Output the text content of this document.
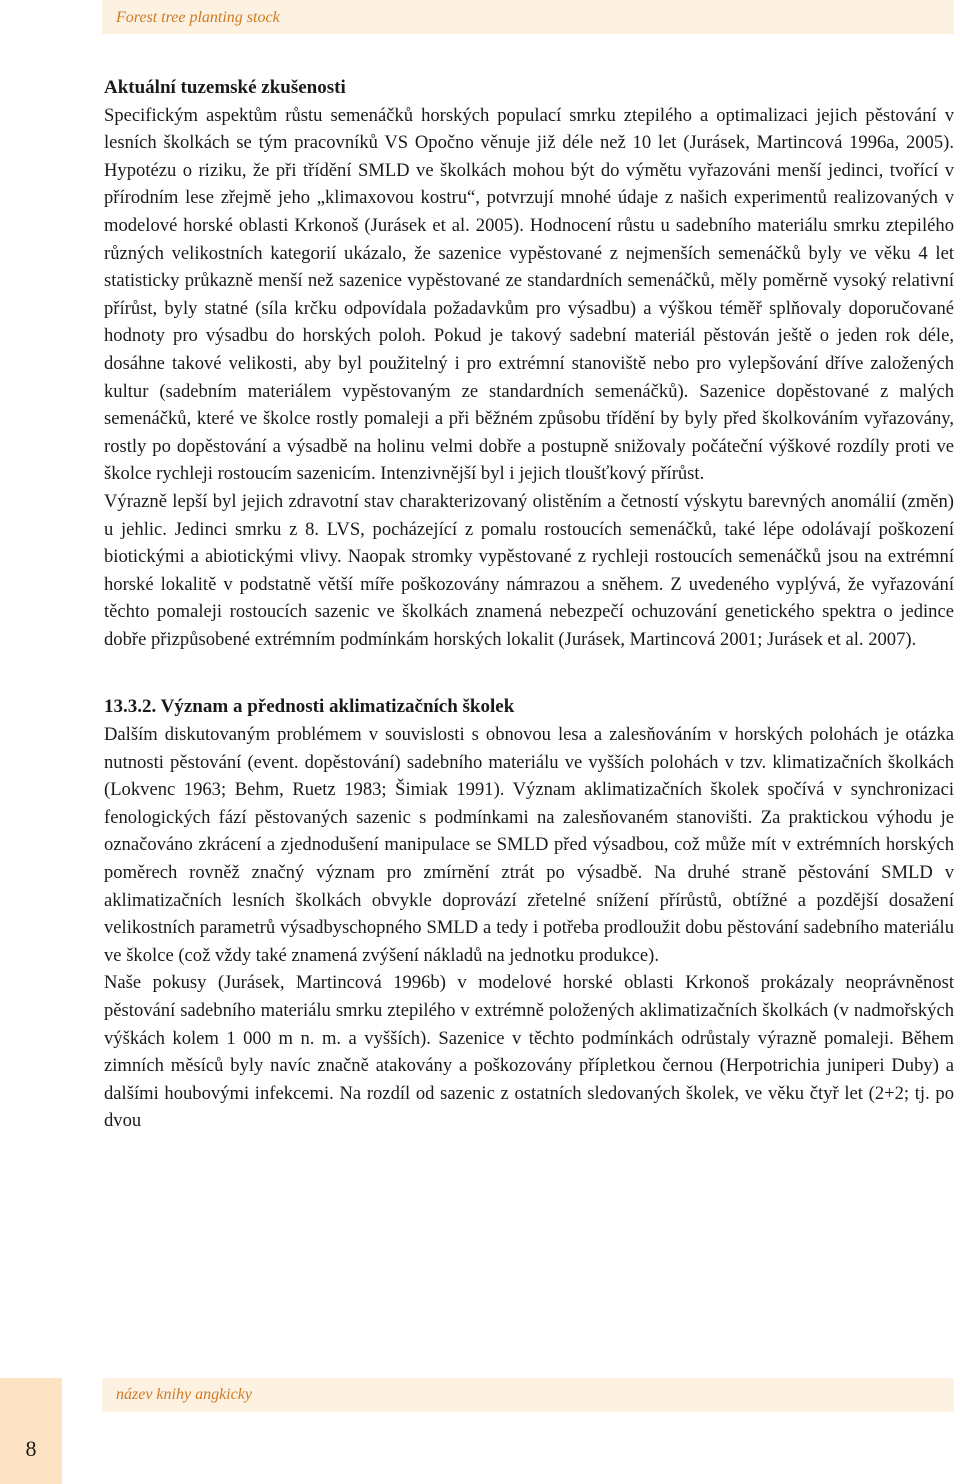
Forest tree planting stock
Aktuální tuzemské zkušenosti

Specifickým aspektům růstu semenáčků horských populací smrku ztepilého a optimalizaci jejich pěstování v lesních školkách se tým pracovníků VS Opočno věnuje již déle než 10 let (Jurásek, Martincová 1996a, 2005). Hypotézu o riziku, že při třídění SMLD ve školkách mohou být do výmětu vyřazováni menší jedinci, tvořící v přírodním lese zřejmě jeho „klimaxovou kostru“, potvrzují mnohé údaje z našich experimentů realizovaných v modelové horské oblasti Krkonoš (Jurásek et al. 2005). Hodnocení růstu u sadebního materiálu smrku ztepilého různých velikostních kategorií ukázalo, že sazenice vypěstované z nejmenších semenáčků byly ve věku 4 let statisticky průkazně menší než sazenice vypěstované ze standardních semenáčků, měly poměrně vysoký relativní přírůst, byly statné (síla krčku odpovídala požadavkům pro výsadbu) a výškou téměř splňovaly doporučované hodnoty pro výsadbu do horských poloh. Pokud je takový sadební materiál pěstován ještě o jeden rok déle, dosáhne takové velikosti, aby byl použitelný i pro extrémní stanoviště nebo pro vylepšování dříve založených kultur (sadebním materiálem vypěstovaným ze standardních semenáčků). Sazenice dopěstované z malých semenáčků, které ve školce rostly pomaleji a při běžném způsobu třídění by byly před školkováním vyřazovány, rostly po dopěstování a výsadbě na holinu velmi dobře a postupně snižovaly počáteční výškové rozdíly proti ve školce rychleji rostoucím sazenicím. Intenzivnější byl i jejich tloušťkový přírůst.

Výrazně lepší byl jejich zdravotní stav charakterizovaný olistěním a četností výskytu barevných anomálií (změn) u jehlic. Jedinci smrku z 8. LVS, pocházející z pomalu rostoucích semenáčků, také lépe odolávají poškození biotickými a abiotickými vlivy. Naopak stromky vypěstované z rychleji rostoucích semenáčků jsou na extrémní horské lokalitě v podstatně větší míře poškozovány námrazou a sněhem. Z uvedeného vyplývá, že vyřazování těchto pomaleji rostoucích sazenic ve školkách znamená nebezpečí ochuzování genetického spektra o jedince dobře přizpůsobené extrémním podmínkám horských lokalit (Jurásek, Martincová 2001; Jurásek et al. 2007).

13.3.2. Význam a přednosti aklimatizačních školek

Dalším diskutovaným problémem v souvislosti s obnovou lesa a zalesňováním v horských polohách je otázka nutnosti pěstování (event. dopěstování) sadebního materiálu ve vyšších polohách v tzv. klimatizačních školkách (Lokvenc 1963; Behm, Ruetz 1983; Šimiak 1991). Význam aklimatizačních školek spočívá v synchronizaci fenologických fází pěstovaných sazenic s podmínkami na zalesňovaném stanovišti. Za praktickou výhodu je označováno zkrácení a zjednodušení manipulace se SMLD před výsadbou, což může mít v extrémních horských poměrech rovněž značný význam pro zmírnění ztrát po výsadbě. Na druhé straně pěstování SMLD v aklimatizačních lesních školkách obvykle doprovází zřetelné snížení přírůstů, obtížné a pozdější dosažení velikostních parametrů výsadbyschopného SMLD a tedy i potřeba prodloužit dobu pěstování sadebního materiálu ve školce (což vždy také znamená zvýšení nákladů na jednotku produkce).

Naše pokusy (Jurásek, Martincová 1996b) v modelové horské oblasti Krkonoš prokázaly neoprávněnost pěstování sadebního materiálu smrku ztepilého v extrémně položených aklimatizačních školkách (v nadmořských výškách kolem 1 000 m n. m. a vyšších). Sazenice v těchto podmínkách odrůstaly výrazně pomaleji. Během zimních měsíců byly navíc značně atakovány a poškozovány přípletkou černou (Herpotrichia juniperi Duby) a dalšími houbovými infekcemi. Na rozdíl od sazenic z ostatních sledovaných školek, ve věku čtyř let (2+2; tj. po dvou

název knihy angkicky
8
